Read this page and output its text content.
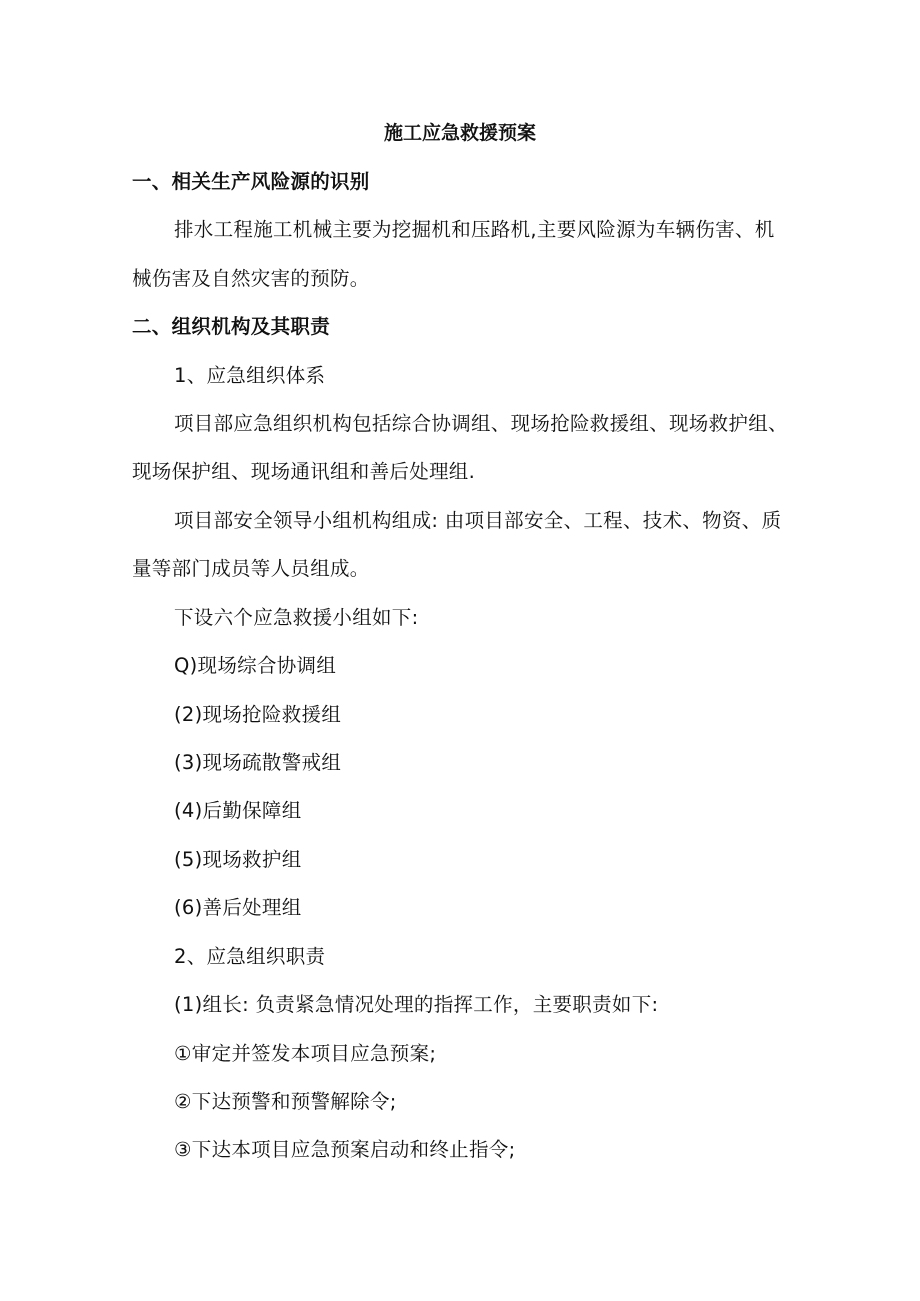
施工应急救援预案
一、相关生产风险源的识别
排水工程施工机械主要为挖掘机和压路机,主要风险源为车辆伤害、机
械伤害及自然灾害的预防。
二、组织机构及其职责
1、应急组织体系
项目部应急组织机构包括综合协调组、现场抢险救援组、现场救护组、
现场保护组、现场通讯组和善后处理组.
项目部安全领导小组机构组成: 由项目部安全、工程、技术、物资、质
量等部门成员等人员组成。
下设六个应急救援小组如下:
Q)现场综合协调组
(2)现场抢险救援组
(3)现场疏散警戒组
(4)后勤保障组
(5)现场救护组
(6)善后处理组
2、应急组织职责
(1)组长: 负责紧急情况处理的指挥工作，主要职责如下:
①审定并签发本项目应急预案;
②下达预警和预警解除令;
③下达本项目应急预案启动和终止指令;
